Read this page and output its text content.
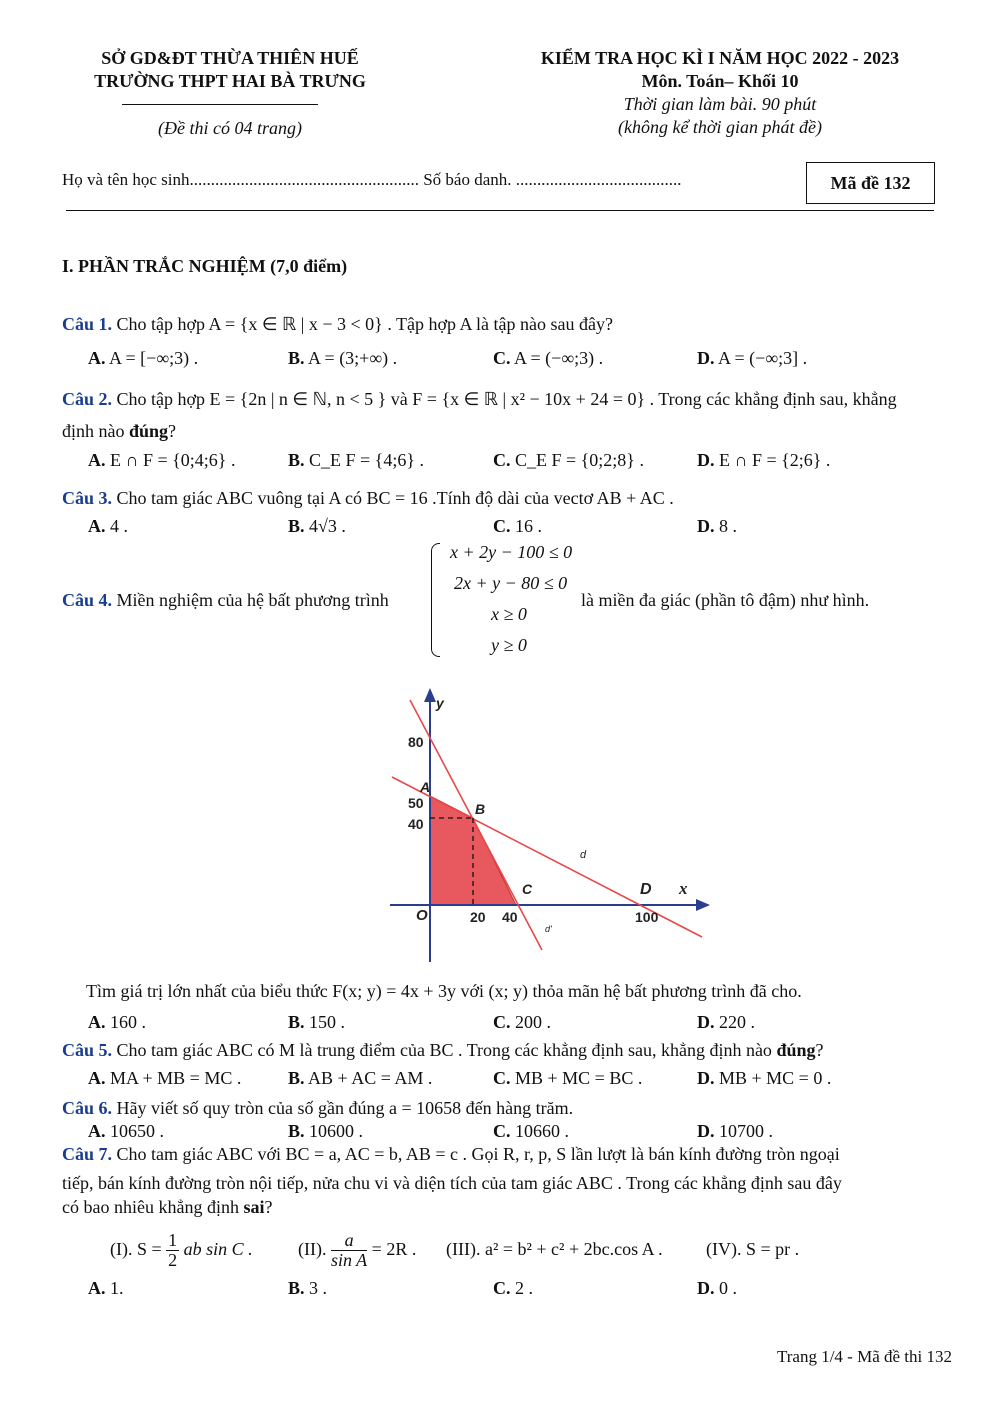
SỞ GD&ĐT THỪA THIÊN HUẾ
TRƯỜNG THPT HAI BÀ TRƯNG
(Đề thi có 04 trang)
KIỂM TRA HỌC KÌ I NĂM HỌC 2022 - 2023
Môn. Toán– Khối 10
Thời gian làm bài. 90 phút
(không kể thời gian phát đề)
Họ và tên học sinh...................................................... Số báo danh. .......................................	Mã đề 132
I. PHẦN TRẮC NGHIỆM (7,0 điểm)
Câu 1. Cho tập hợp A = {x ∈ ℝ | x − 3 < 0} . Tập hợp A là tập nào sau đây?
A. A = [−∞;3) .	B. A = (3;+∞) .	C. A = (−∞;3) .	D. A = (−∞;3] .
Câu 2. Cho tập hợp E = {2n | n ∈ ℕ, n < 5 } và F = {x ∈ ℝ | x² − 10x + 24 = 0} . Trong các khẳng định sau, khẳng
định nào đúng?
A. E ∩ F = {0;4;6} .	B. C_E F = {4;6} .	C. C_E F = {0;2;8} .	D. E ∩ F = {2;6} .
Câu 3. Cho tam giác ABC vuông tại A có BC = 16 .Tính độ dài của vectơ AB + AC .
A. 4 .	B. 4√3 .	C. 16 .	D. 8 .
Câu 4. Miền nghiệm của hệ bất phương trình
x + 2y − 100 ≤ 0
2x + y − 80 ≤ 0
x ≥ 0
y ≥ 0
là miền đa giác (phần tô đậm) như hình.
y
x
O
80
50
40
20 40	100
A
B
C	D
d
d'
Tìm giá trị lớn nhất của biểu thức F(x; y) = 4x + 3y với (x; y) thỏa mãn hệ bất phương trình đã cho.
A. 160 .	B. 150 .	C. 200 .	D. 220 .
Câu 5. Cho tam giác ABC có M là trung điểm của BC . Trong các khẳng định sau, khẳng định nào đúng?
A. MA + MB = MC .	B. AB + AC = AM .	C. MB + MC = BC .	D. MB + MC = 0 .
Câu 6. Hãy viết số quy tròn của số gần đúng a = 10658 đến hàng trăm.
A. 10650 .	B. 10600 .	C. 10660 .	D. 10700 .
Câu 7. Cho tam giác ABC với BC = a, AC = b, AB = c . Gọi R, r, p, S lần lượt là bán kính đường tròn ngoại
tiếp, bán kính đường tròn nội tiếp, nửa chu vi và diện tích của tam giác ABC . Trong các khẳng định sau đây
có bao nhiêu khẳng định sai?
(I). $S = \frac{1}{2}$ ab sin C .	(II). $\frac{a}{\text{sin A}} = 2R$ . (III). a² = b² + c² + 2bc.cos A . (IV). S = pr .
A. 1.	B. 3 .	C. 2 .	D. 0 .
Trang 1/4 - Mã đề thi 132
